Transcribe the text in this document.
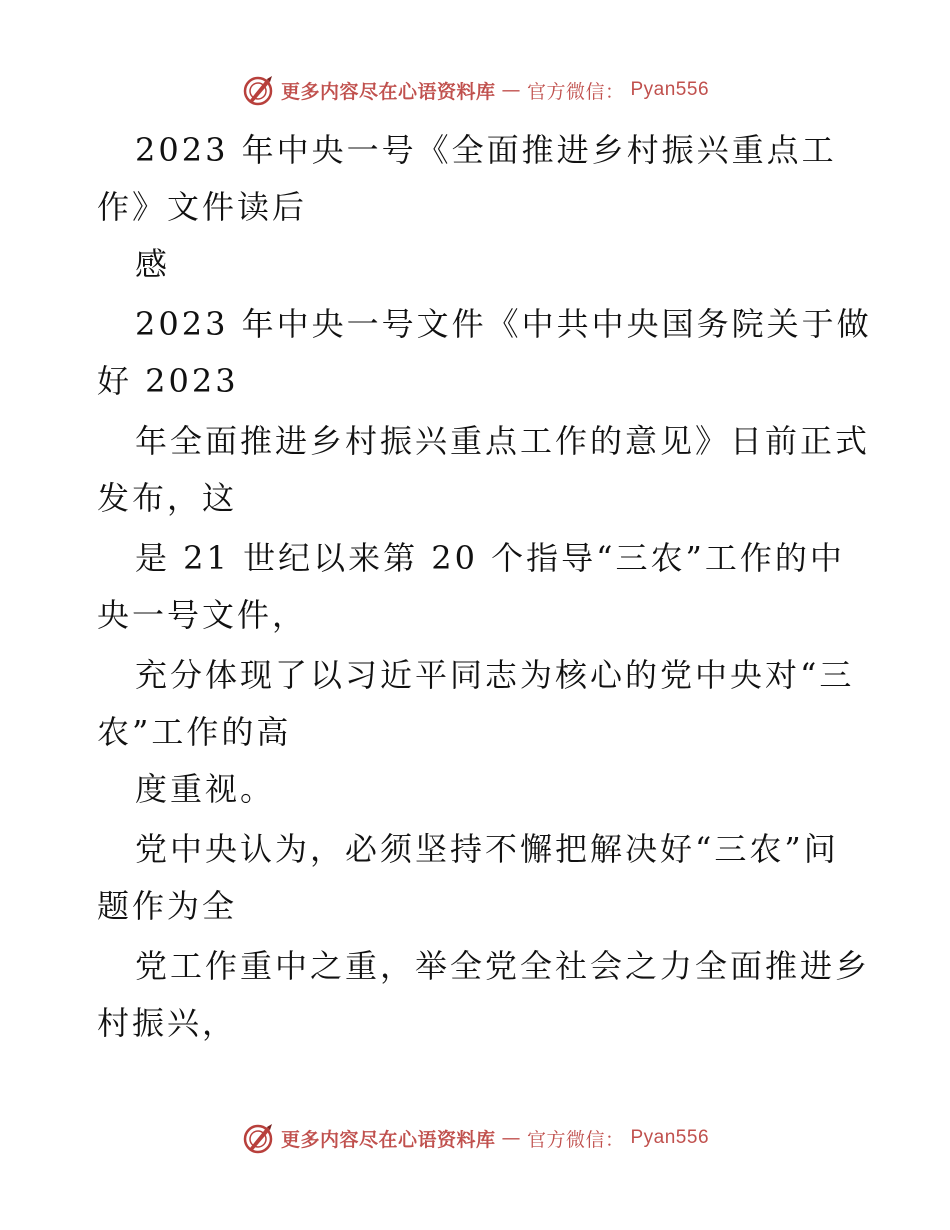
更多内容尽在心语资料库 — 官方微信： Pyan556
2023 年中央一号《全面推进乡村振兴重点工
作》文件读后
感
2023 年中央一号文件《中共中央国务院关于做
好 2023
年全面推进乡村振兴重点工作的意见》日前正式
发布，这
是 21 世纪以来第 20 个指导“三农”工作的中
央一号文件，
充分体现了以习近平同志为核心的党中央对“三
农”工作的高
度重视。
党中央认为，必须坚持不懈把解决好“三农”问
题作为全
党工作重中之重，举全党全社会之力全面推进乡
村振兴，
更多内容尽在心语资料库 — 官方微信： Pyan556
